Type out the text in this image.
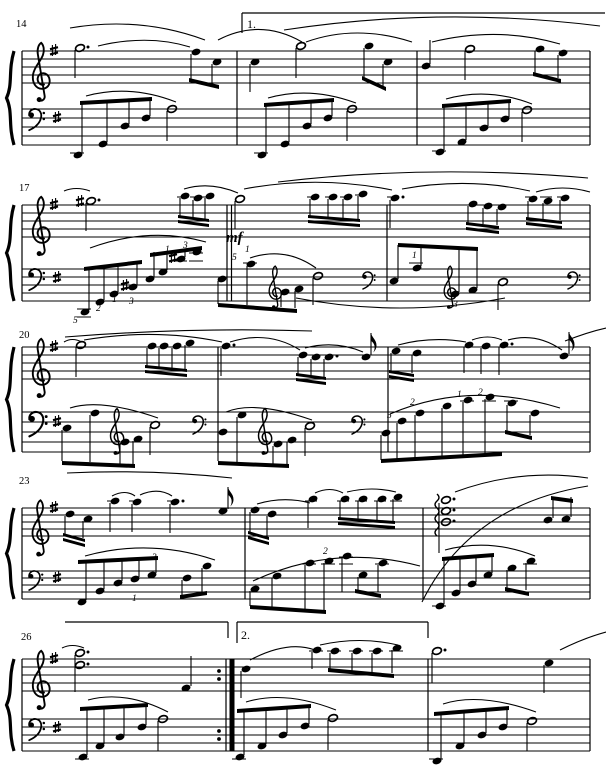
14
17
20
23
26
1.
2.
mf
5
2
1 3
1 3
5
1
1
3
5
2
1 2
1
3
2
